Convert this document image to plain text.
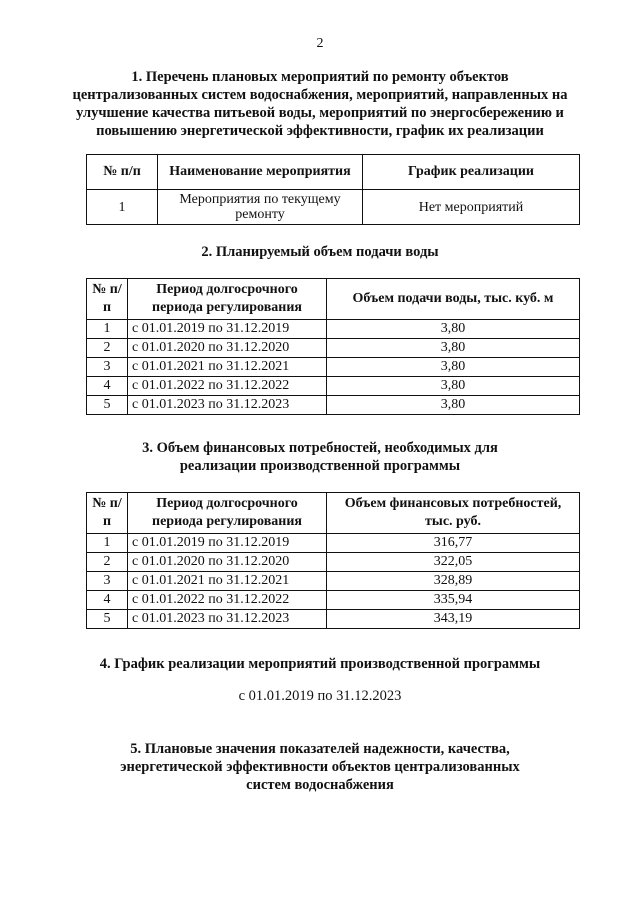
2
1. Перечень плановых мероприятий по ремонту объектов
централизованных систем водоснабжения, мероприятий, направленных на
улучшение качества питьевой воды, мероприятий по энергосбережению и
повышению энергетической эффективности, график их реализации
№ п/п	Наименование мероприятия	График реализации
1	Мероприятия по текущему ремонту	Нет мероприятий
2. Планируемый объем подачи воды
№ п/п	Период долгосрочного периода регулирования	Объем подачи воды, тыс. куб. м
1	с 01.01.2019 по 31.12.2019	3,80
2	с 01.01.2020 по 31.12.2020	3,80
3	с 01.01.2021 по 31.12.2021	3,80
4	с 01.01.2022 по 31.12.2022	3,80
5	с 01.01.2023 по 31.12.2023	3,80
3. Объем финансовых потребностей, необходимых для
реализации производственной программы
№ п/п	Период долгосрочного периода регулирования	Объем финансовых потребностей, тыс. руб.
1	с 01.01.2019 по 31.12.2019	316,77
2	с 01.01.2020 по 31.12.2020	322,05
3	с 01.01.2021 по 31.12.2021	328,89
4	с 01.01.2022 по 31.12.2022	335,94
5	с 01.01.2023 по 31.12.2023	343,19
4. График реализации мероприятий производственной программы
с 01.01.2019 по 31.12.2023
5. Плановые значения показателей надежности, качества,
энергетической эффективности объектов централизованных
систем водоснабжения
